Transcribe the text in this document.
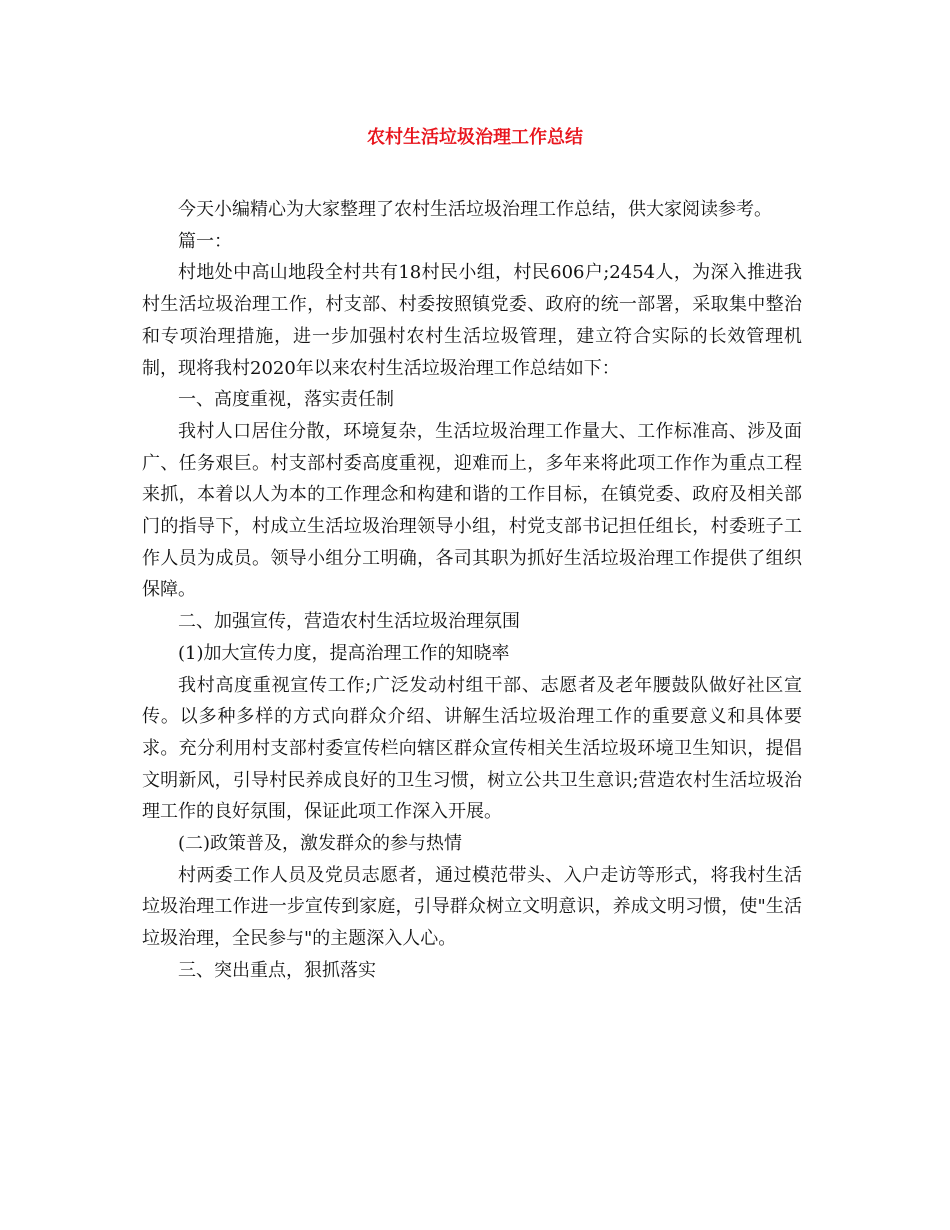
农村生活垃圾治理工作总结

今天小编精心为大家整理了农村生活垃圾治理工作总结，供大家阅读参考。

篇一：

村地处中高山地段全村共有18村民小组，村民606户;2454人，为深入推进我村生活垃圾治理工作，村支部、村委按照镇党委、政府的统一部署，采取集中整治和专项治理措施，进一步加强村农村生活垃圾管理，建立符合实际的长效管理机制，现将我村2020年以来农村生活垃圾治理工作总结如下：

一、高度重视，落实责任制

我村人口居住分散，环境复杂，生活垃圾治理工作量大、工作标准高、涉及面广、任务艰巨。村支部村委高度重视，迎难而上，多年来将此项工作作为重点工程来抓，本着以人为本的工作理念和构建和谐的工作目标，在镇党委、政府及相关部门的指导下，村成立生活垃圾治理领导小组，村党支部书记担任组长，村委班子工作人员为成员。领导小组分工明确，各司其职为抓好生活垃圾治理工作提供了组织保障。

二、加强宣传，营造农村生活垃圾治理氛围

(1)加大宣传力度，提高治理工作的知晓率

我村高度重视宣传工作;广泛发动村组干部、志愿者及老年腰鼓队做好社区宣传。以多种多样的方式向群众介绍、讲解生活垃圾治理工作的重要意义和具体要求。充分利用村支部村委宣传栏向辖区群众宣传相关生活垃圾环境卫生知识，提倡文明新风，引导村民养成良好的卫生习惯，树立公共卫生意识;营造农村生活垃圾治理工作的良好氛围，保证此项工作深入开展。

(二)政策普及，激发群众的参与热情

村两委工作人员及党员志愿者，通过模范带头、入户走访等形式，将我村生活垃圾治理工作进一步宣传到家庭，引导群众树立文明意识，养成文明习惯，使"生活垃圾治理，全民参与"的主题深入人心。

三、突出重点，狠抓落实
